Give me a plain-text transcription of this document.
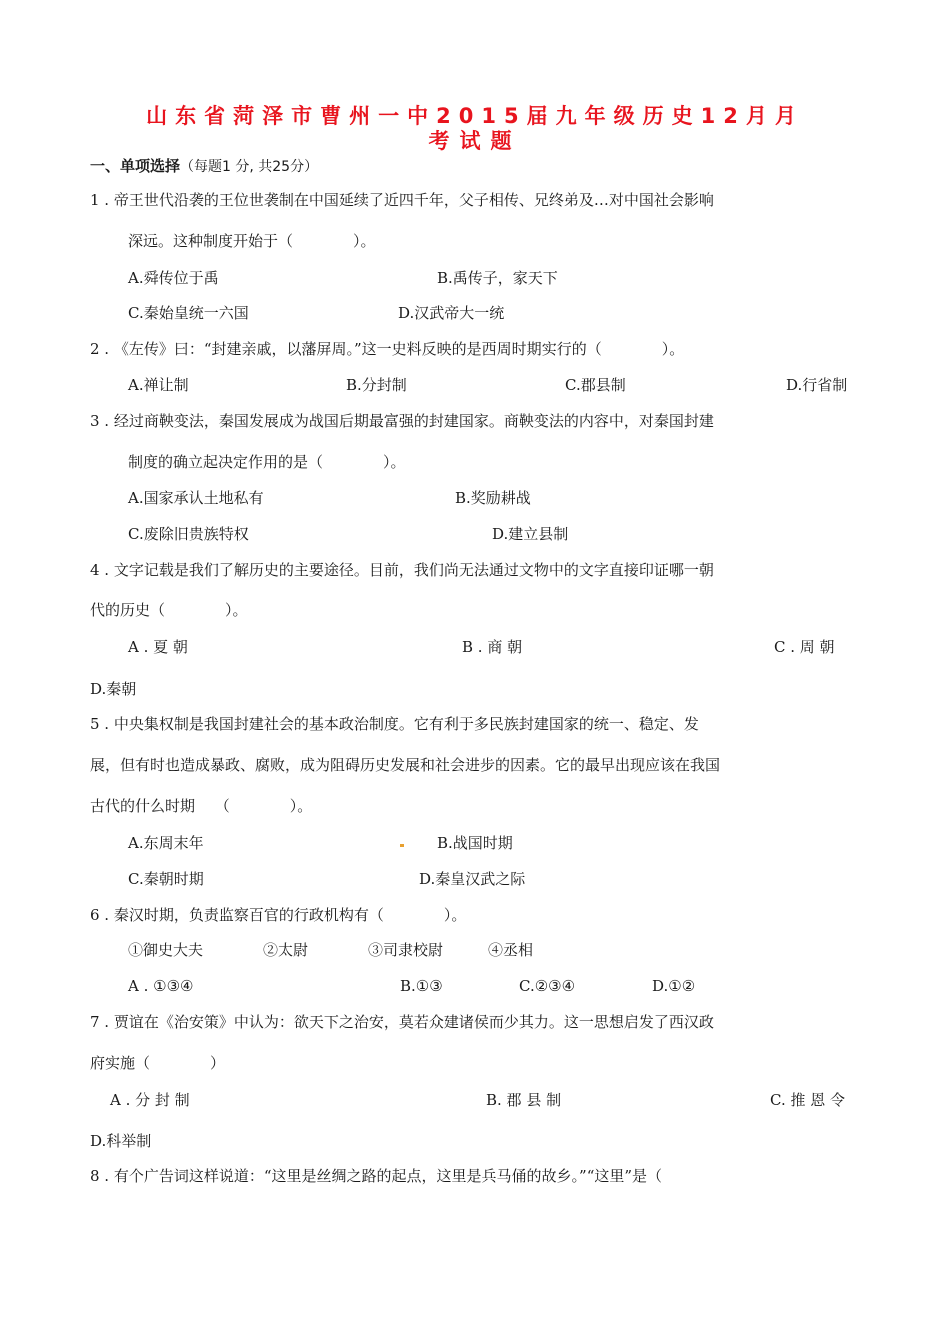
山东省菏泽市曹州一中2015届九年级历史12月月
考试题
一、单项选择（每题1 分, 共25分）
1 . 帝王世代沿袭的王位世袭制在中国延续了近四千年，父子相传、兄终弟及…对中国社会影响
深远。这种制度开始于（　　　　）。
A.舜传位于禹	B.禹传子，家天下
C.秦始皇统一六国	D.汉武帝大一统
2 . 《左传》曰：“封建亲戚，以藩屏周。”这一史料反映的是西周时期实行的（　　　　）。
A.禅让制	B.分封制	C.郡县制	D.行省制
3 . 经过商鞅变法，秦国发展成为战国后期最富强的封建国家。商鞅变法的内容中，对秦国封建
制度的确立起决定作用的是（　　　　）。
A.国家承认土地私有	B.奖励耕战
C.废除旧贵族特权	D.建立县制
4 . 文字记载是我们了解历史的主要途径。目前，我们尚无法通过文物中的文字直接印证哪一朝
代的历史（　　　　）。
A . 夏 朝	B . 商 朝	C . 周 朝
D.秦朝
5 . 中央集权制是我国封建社会的基本政治制度。它有利于多民族封建国家的统一、稳定、发
展，但有时也造成暴政、腐败，成为阻碍历史发展和社会进步的因素。它的最早出现应该在我国
古代的什么时期　 （　　　　）。
A.东周末年	B.战国时期
C.秦朝时期	D.秦皇汉武之际
6 . 秦汉时期，负责监察百官的行政机构有（　　　　）。
①御史大夫　　　　②太尉　　　　③司隶校尉　　　④丞相
A . ①③④	B.①③	C.②③④	D.①②
7 . 贾谊在《治安策》中认为：欲天下之治安，莫若众建诸侯而少其力。这一思想启发了西汉政
府实施（　　　　）
A . 分 封 制	B. 郡 县 制	C. 推 恩 令
D.科举制
8 . 有个广告词这样说道：“这里是丝绸之路的起点，这里是兵马俑的故乡。”“这里”是（
